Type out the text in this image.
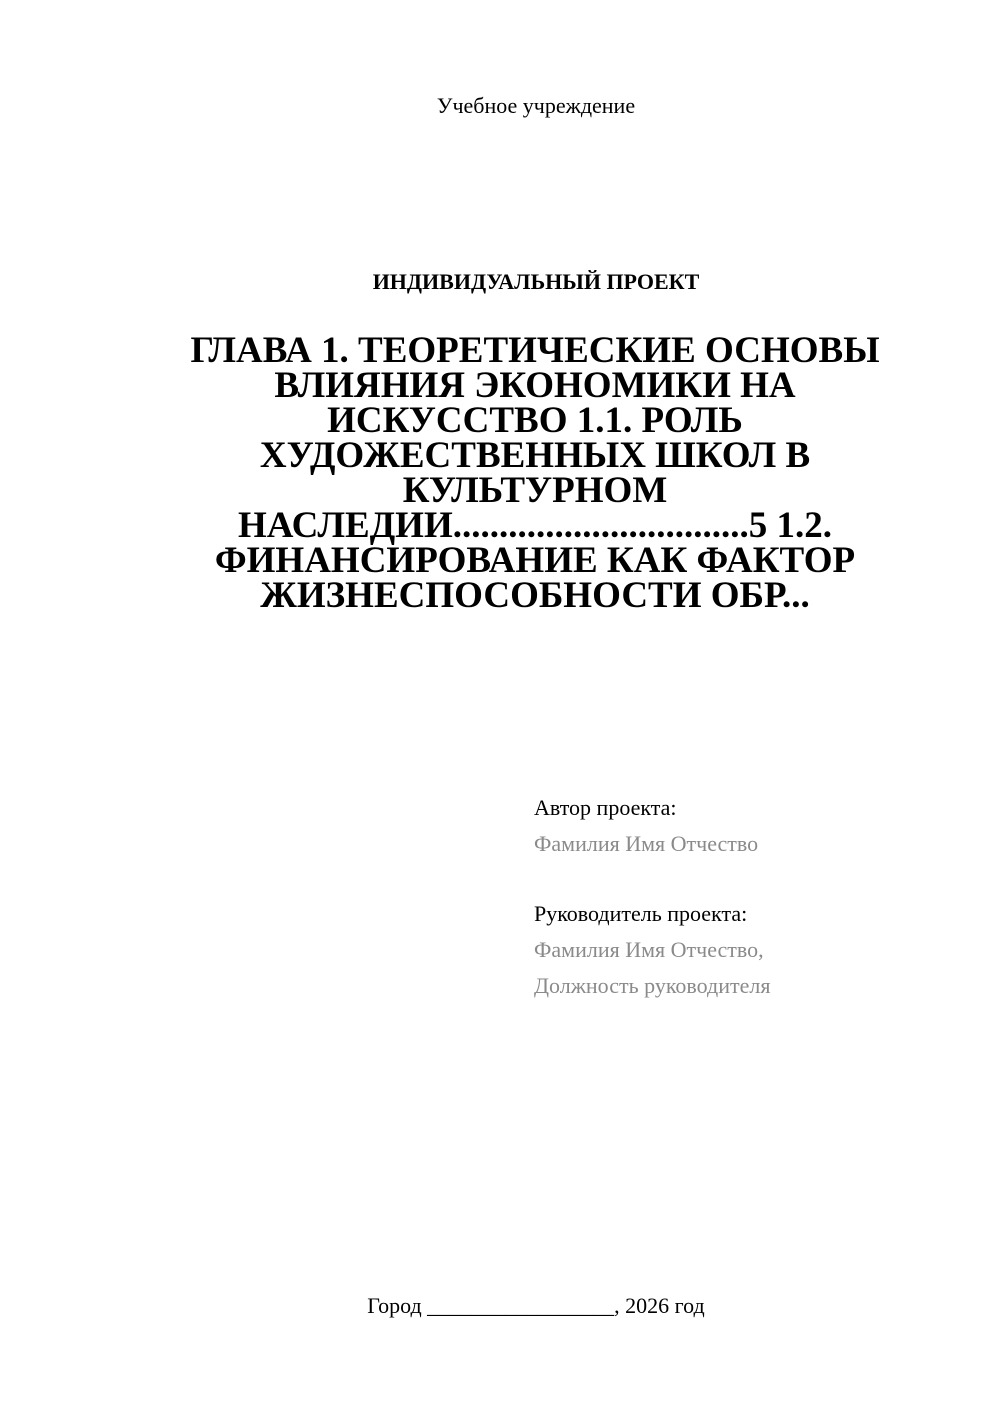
Учебное учреждение
ИНДИВИДУАЛЬНЫЙ ПРОЕКТ
ГЛАВА 1. ТЕОРЕТИЧЕСКИЕ ОСНОВЫ ВЛИЯНИЯ ЭКОНОМИКИ НА ИСКУССТВО 1.1. РОЛЬ ХУДОЖЕСТВЕННЫХ ШКОЛ В КУЛЬТУРНОМ НАСЛЕДИИ................................5 1.2. ФИНАНСИРОВАНИЕ КАК ФАКТОР ЖИЗНЕСПОСОБНОСТИ ОБР...
Автор проекта:
Фамилия Имя Отчество
Руководитель проекта:
Фамилия Имя Отчество,
Должность руководителя
Город _________________, 2026 год
